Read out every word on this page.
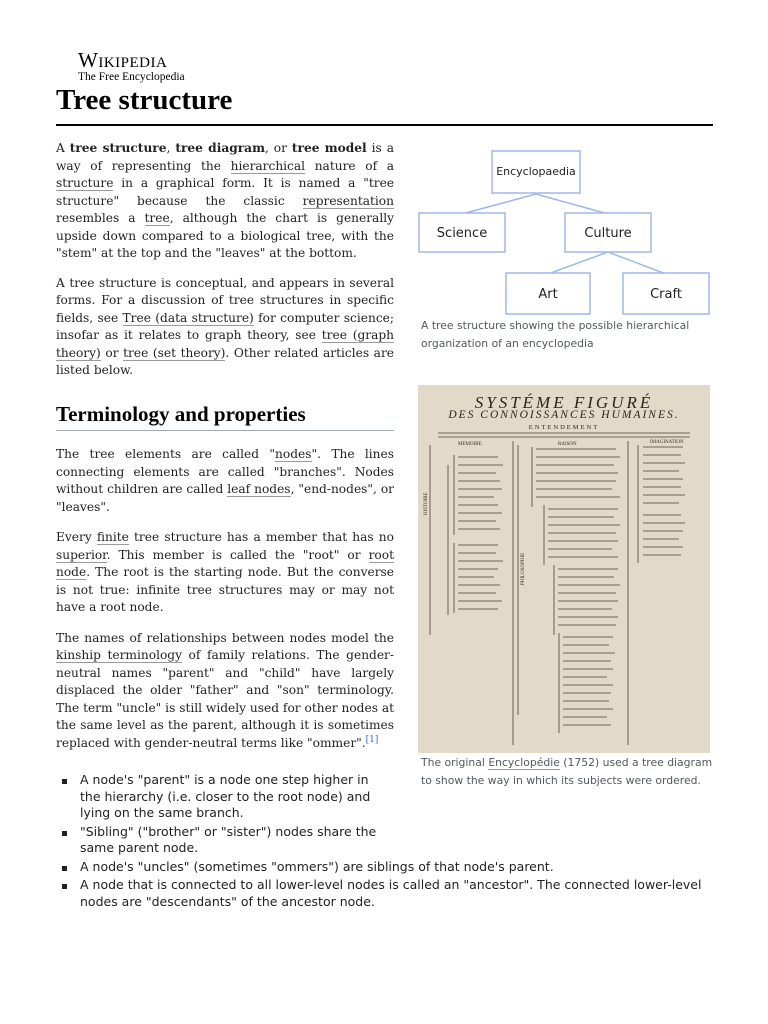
Wikipedia
The Free Encyclopedia
Tree structure

A tree structure, tree diagram, or tree model is a way of representing the hierarchical nature of a structure in a graphical form. It is named a "tree structure" because the classic representation resembles a tree, although the chart is generally upside down compared to a biological tree, with the "stem" at the top and the "leaves" at the bottom.

A tree structure is conceptual, and appears in several forms. For a discussion of tree structures in specific fields, see Tree (data structure) for computer science; insofar as it relates to graph theory, see tree (graph theory) or tree (set theory). Other related articles are listed below.

Terminology and properties

The tree elements are called "nodes". The lines connecting elements are called "branches". Nodes without children are called leaf nodes, "end-nodes", or "leaves".

Every finite tree structure has a member that has no superior. This member is called the "root" or root node. The root is the starting node. But the converse is not true: infinite tree structures may or may not have a root node.

The names of relationships between nodes model the kinship terminology of family relations. The gender-neutral names "parent" and "child" have largely displaced the older "father" and "son" terminology. The term "uncle" is still widely used for other nodes at the same level as the parent, although it is sometimes replaced with gender-neutral terms like "ommer".[1]

A node's "parent" is a node one step higher in the hierarchy (i.e. closer to the root node) and lying on the same branch.
"Sibling" ("brother" or "sister") nodes share the same parent node.
A node's "uncles" (sometimes "ommers") are siblings of that node's parent.
A node that is connected to all lower-level nodes is called an "ancestor". The connected lower-level nodes are "descendants" of the ancestor node.
Encyclopaedia
Science	Culture
Art	Craft
A tree structure showing the possible hierarchical organization of an encyclopedia
SYSTÉME FIGURÉ
DES CONNOISSANCES HUMAINES.
ENTENDEMENT
MEMOIRE	RAISON	IMAGINATION
HISTOIRE
PHILOSOPHIE
The original Encyclopédie (1752) used a tree diagram to show the way in which its subjects were ordered.
